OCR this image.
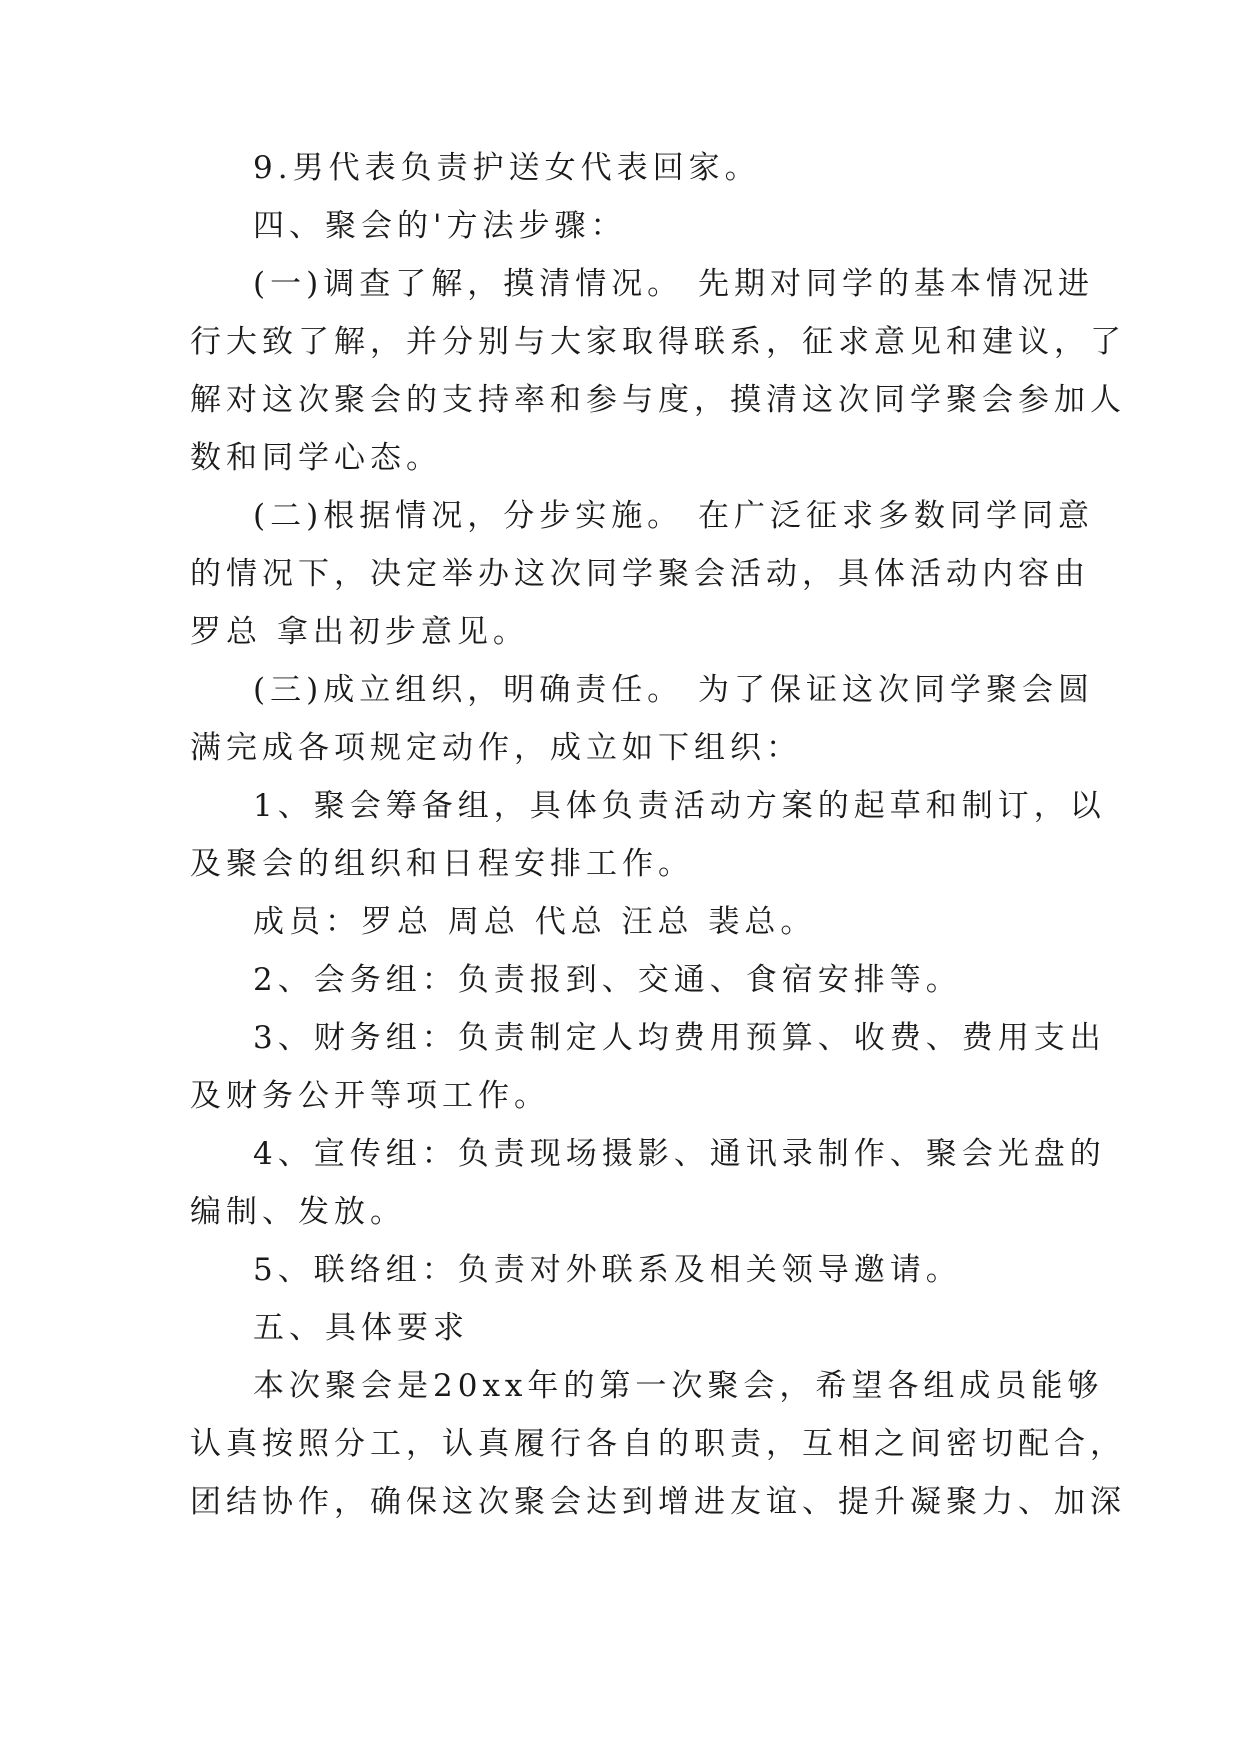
9.男代表负责护送女代表回家。
四、聚会的'方法步骤：
(一)调查了解，摸清情况。 先期对同学的基本情况进
行大致了解，并分别与大家取得联系，征求意见和建议，了
解对这次聚会的支持率和参与度，摸清这次同学聚会参加人
数和同学心态。
(二)根据情况，分步实施。 在广泛征求多数同学同意
的情况下，决定举办这次同学聚会活动，具体活动内容由
罗总 拿出初步意见。
(三)成立组织，明确责任。 为了保证这次同学聚会圆
满完成各项规定动作，成立如下组织：
1、聚会筹备组，具体负责活动方案的起草和制订，以
及聚会的组织和日程安排工作。
成员：罗总 周总 代总 汪总 裴总。
2、会务组：负责报到、交通、食宿安排等。
3、财务组：负责制定人均费用预算、收费、费用支出
及财务公开等项工作。
4、宣传组：负责现场摄影、通讯录制作、聚会光盘的
编制、发放。
5、联络组：负责对外联系及相关领导邀请。
五、具体要求
本次聚会是20xx年的第一次聚会，希望各组成员能够
认真按照分工，认真履行各自的职责，互相之间密切配合，
团结协作，确保这次聚会达到增进友谊、提升凝聚力、加深
